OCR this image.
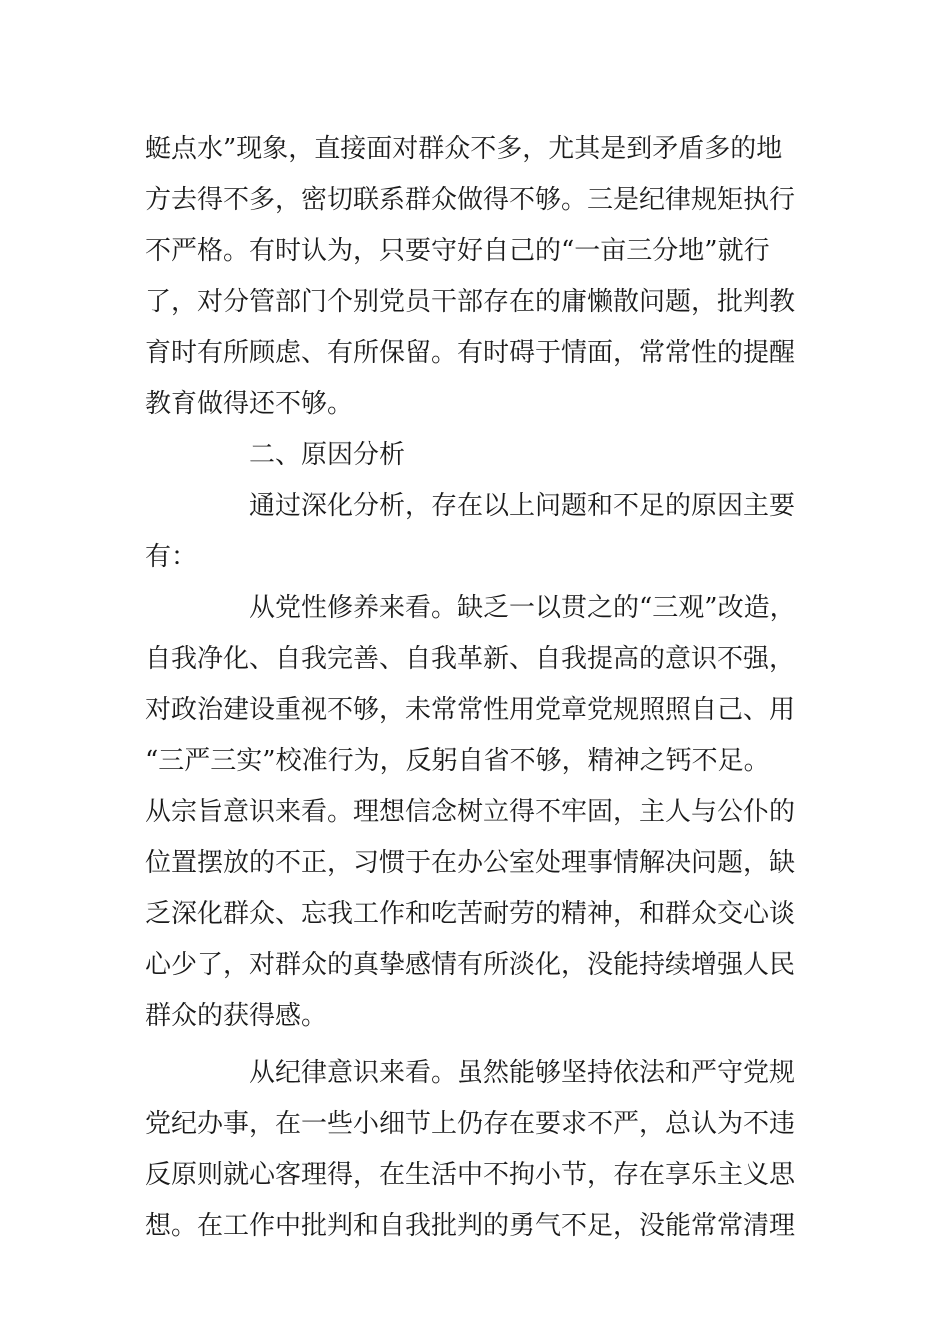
蜓点水”现象，直接面对群众不多，尤其是到矛盾多的地
方去得不多，密切联系群众做得不够。三是纪律规矩执行
不严格。有时认为，只要守好自己的“一亩三分地”就行
了，对分管部门个别党员干部存在的庸懒散问题，批判教
育时有所顾虑、有所保留。有时碍于情面，常常性的提醒
教育做得还不够。
二、原因分析
通过深化分析，存在以上问题和不足的原因主要
有：
从党性修养来看。缺乏一以贯之的“三观”改造，
自我净化、自我完善、自我革新、自我提高的意识不强，
对政治建设重视不够，未常常性用党章党规照照自己、用
“三严三实”校准行为，反躬自省不够，精神之钙不足。
从宗旨意识来看。理想信念树立得不牢固，主人与公仆的
位置摆放的不正，习惯于在办公室处理事情解决问题，缺
乏深化群众、忘我工作和吃苦耐劳的精神，和群众交心谈
心少了，对群众的真挚感情有所淡化，没能持续增强人民
群众的获得感。
从纪律意识来看。虽然能够坚持依法和严守党规
党纪办事，在一些小细节上仍存在要求不严，总认为不违
反原则就心客理得，在生活中不拘小节，存在享乐主义思
想。在工作中批判和自我批判的勇气不足，没能常常清理
